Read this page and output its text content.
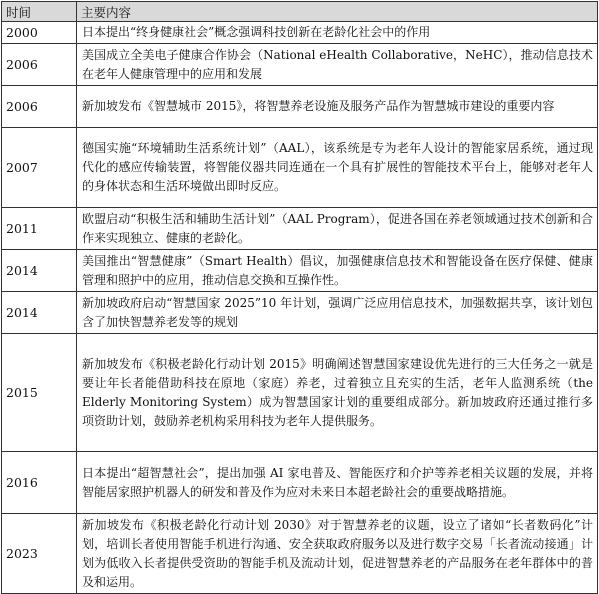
时间	主要内容
2000	日本提出“终身健康社会”概念强调科技创新在老龄化社会中的作用
2006	美国成立全美电子健康合作协会（National eHealth Collaborative，NeHC），推动信息技术在老年人健康管理中的应用和发展
2006	新加坡发布《智慧城市 2015》，将智慧养老设施及服务产品作为智慧城市建设的重要内容
2007	德国实施“环境辅助生活系统计划”（AAL），该系统是专为老年人设计的智能家居系统，通过现代化的感应传输装置，将智能仪器共同连通在一个具有扩展性的智能技术平台上，能够对老年人的身体状态和生活环境做出即时反应。
2011	欧盟启动“积极生活和辅助生活计划”（AAL Program），促进各国在养老领域通过技术创新和合作来实现独立、健康的老龄化。
2014	美国推出“智慧健康”（Smart Health）倡议，加强健康信息技术和智能设备在医疗保健、健康管理和照护中的应用，推动信息交换和互操作性。
2014	新加坡政府启动“智慧国家 2025”10 年计划，强调广泛应用信息技术，加强数据共享，该计划包含了加快智慧养老发等的规划
2015	新加坡发布《积极老龄化行动计划 2015》明确阐述智慧国家建设优先进行的三大任务之一就是要让年长者能借助科技在原地（家庭）养老，过着独立且充实的生活，老年人监测系统（the Elderly Monitoring System）成为智慧国家计划的重要组成部分。新加坡政府还通过推行多项资助计划，鼓励养老机构采用科技为老年人提供服务。
2016	日本提出“超智慧社会”，提出加强 AI 家电普及、智能医疗和介护等养老相关议题的发展，并将智能居家照护机器人的研发和普及作为应对未来日本超老龄社会的重要战略措施。
2023	新加坡发布《积极老龄化行动计划 2030》对于智慧养老的议题，设立了诸如“长者数码化”计划，培训长者使用智能手机进行沟通、安全获取政府服务以及进行数字交易「长者流动接通」计划为低收入长者提供受资助的智能手机及流动计划，促进智慧养老的产品服务在老年群体中的普及和运用。
